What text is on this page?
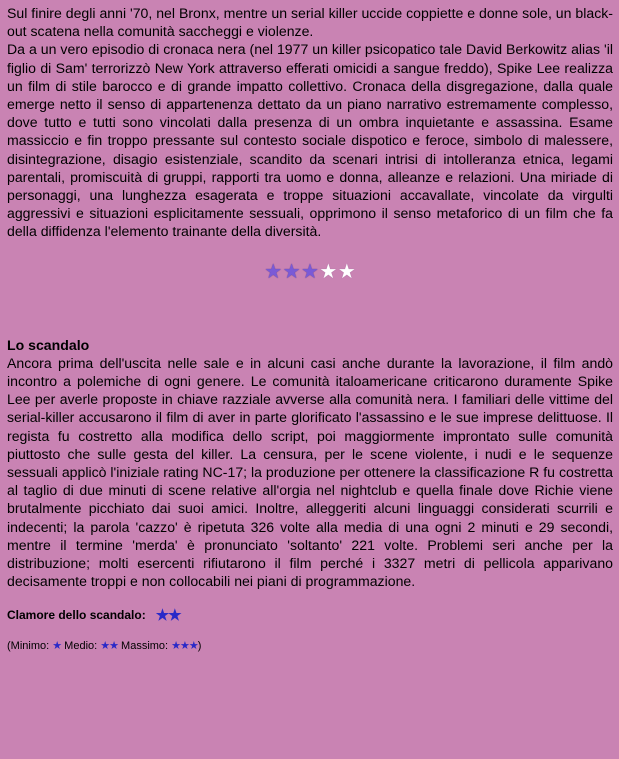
Sul finire degli anni '70, nel Bronx, mentre un serial killer uccide coppiette e donne sole, un black-out scatena nella comunità saccheggi e violenze.

Da a un vero episodio di cronaca nera (nel 1977 un killer psicopatico tale David Berkowitz alias 'il figlio di Sam' terrorizzò New York attraverso efferati omicidi a sangue freddo), Spike Lee realizza un film di stile barocco e di grande impatto collettivo. Cronaca della disgregazione, dalla quale emerge netto il senso di appartenenza dettato da un piano narrativo estremamente complesso, dove tutto e tutti sono vincolati dalla presenza di un ombra inquietante e assassina. Esame massiccio e fin troppo pressante sul contesto sociale dispotico e feroce, simbolo di malessere, disintegrazione, disagio esistenziale, scandito da scenari intrisi di intolleranza etnica, legami parentali, promiscuità di gruppi, rapporti tra uomo e donna, alleanze e relazioni. Una miriade di personaggi, una lunghezza esagerata e troppe situazioni accavallate, vincolate da virgulti aggressivi e situazioni esplicitamente sessuali, opprimono il senso metaforico di un film che fa della diffidenza l'elemento trainante della diversità.

★ ★ ★ ★ ★

Lo scandalo

Ancora prima dell'uscita nelle sale e in alcuni casi anche durante la lavorazione, il film andò incontro a polemiche di ogni genere. Le comunità italoamericane criticarono duramente Spike Lee per averle proposte in chiave razziale avverse alla comunità nera. I familiari delle vittime del serial-killer accusarono il film di aver in parte glorificato l'assassino e le sue imprese delittuose. Il regista fu costretto alla modifica dello script, poi maggiormente improntato sulle comunità piuttosto che sulle gesta del killer. La censura, per le scene violente, i nudi e le sequenze sessuali applicò l'iniziale rating NC-17; la produzione per ottenere la classificazione R fu costretta al taglio di due minuti di scene relative all'orgia nel nightclub e quella finale dove Richie viene brutalmente picchiato dai suoi amici. Inoltre, alleggeriti alcuni linguaggi considerati scurrili e indecenti; la parola 'cazzo' è ripetuta 326 volte alla media di una ogni 2 minuti e 29 secondi, mentre il termine 'merda' è pronunciato 'soltanto' 221 volte. Problemi seri anche per la distribuzione; molti esercenti rifiutarono il film perché i 3327 metri di pellicola apparivano decisamente troppi e non collocabili nei piani di programmazione.

Clamore dello scandalo: ★★
(Minimo: ★ Medio: ★★ Massimo: ★★★)
